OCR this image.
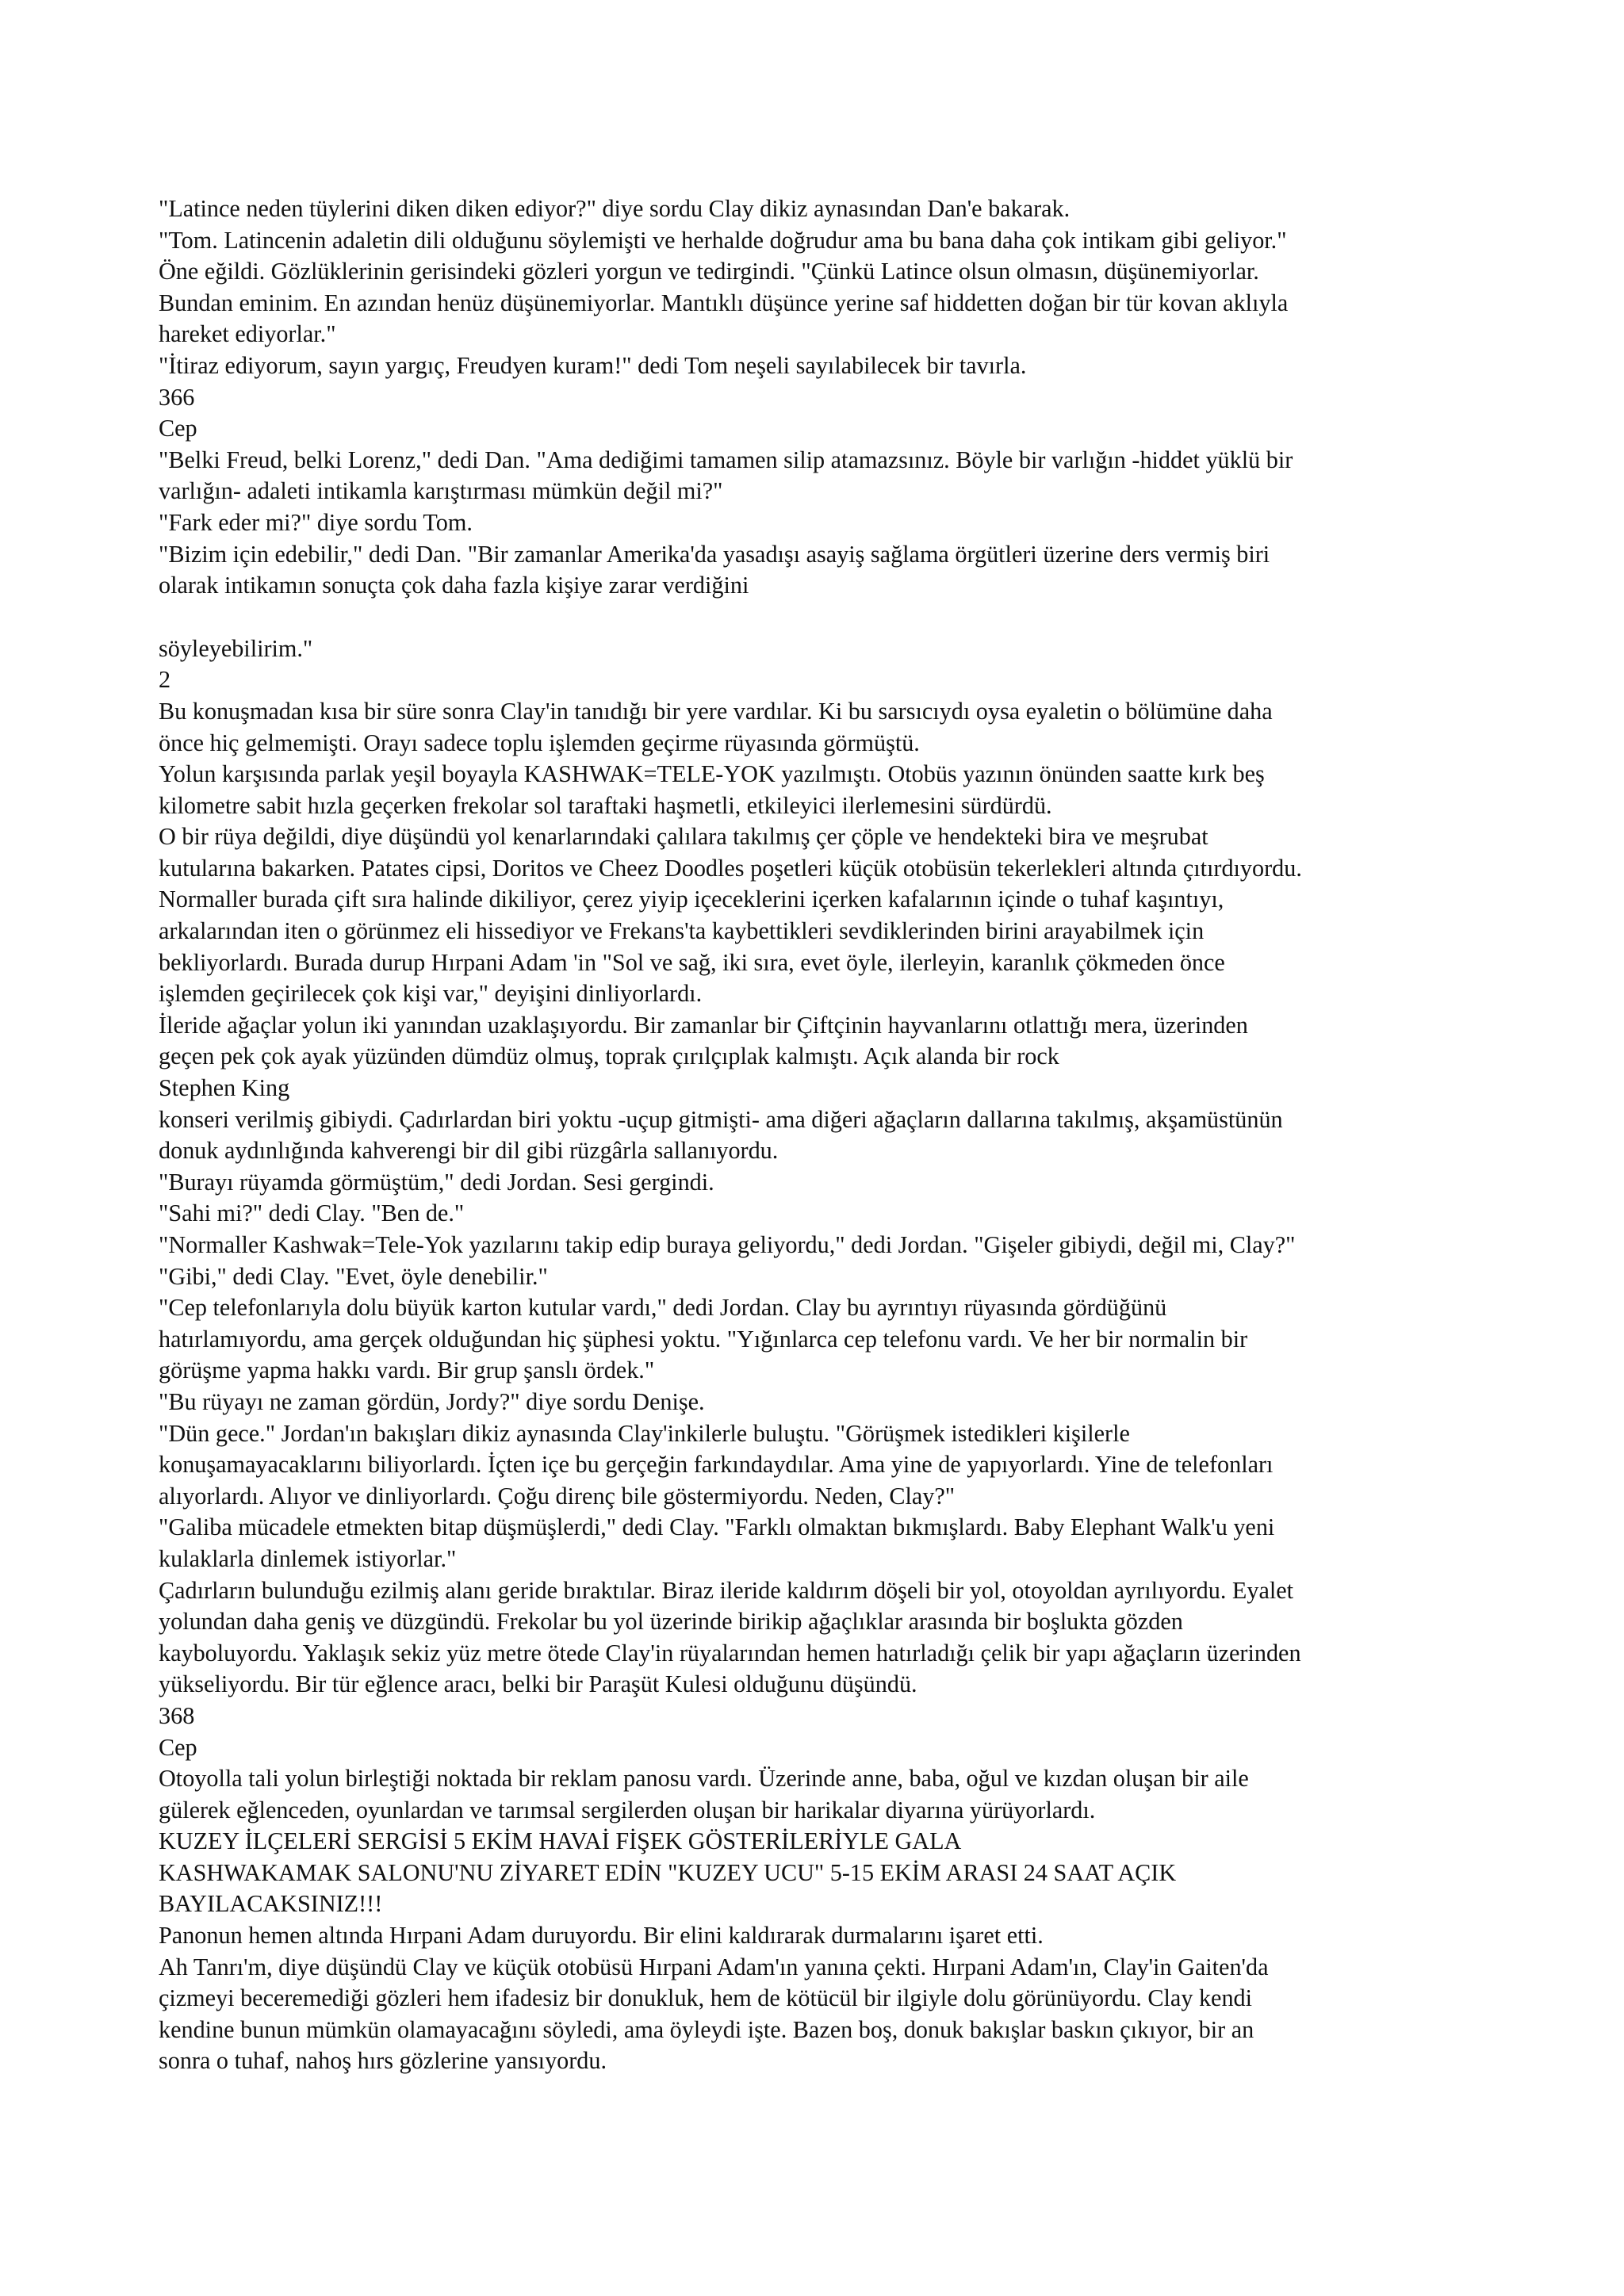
"Latince neden tüylerini diken diken ediyor?" diye sordu Clay dikiz aynasından Dan'e bakarak.
"Tom. Latincenin adaletin dili olduğunu söylemişti ve herhalde doğrudur ama bu bana daha çok intikam gibi geliyor."
Öne eğildi. Gözlüklerinin gerisindeki gözleri yorgun ve tedirgindi. "Çünkü Latince olsun olmasın, düşünemiyorlar.
Bundan eminim. En azından henüz düşünemiyorlar. Mantıklı düşünce yerine saf hiddetten doğan bir tür kovan aklıyla
hareket ediyorlar."
"İtiraz ediyorum, sayın yargıç, Freudyen kuram!" dedi Tom neşeli sayılabilecek bir tavırla.
366
Cep
"Belki Freud, belki Lorenz," dedi Dan. "Ama dediğimi tamamen silip atamazsınız. Böyle bir varlığın -hiddet yüklü bir
varlığın- adaleti intikamla karıştırması mümkün değil mi?"
"Fark eder mi?" diye sordu Tom.
"Bizim için edebilir," dedi Dan. "Bir zamanlar Amerika'da yasadışı asayiş sağlama örgütleri üzerine ders vermiş biri
olarak intikamın sonuçta çok daha fazla kişiye zarar verdiğini
söyleyebilirim."
2
Bu konuşmadan kısa bir süre sonra Clay'in tanıdığı bir yere vardılar. Ki bu sarsıcıydı oysa eyaletin o bölümüne daha
önce hiç gelmemişti. Orayı sadece toplu işlemden geçirme rüyasında görmüştü.
Yolun karşısında parlak yeşil boyayla KASHWAK=TELE-YOK yazılmıştı. Otobüs yazının önünden saatte kırk beş
kilometre sabit hızla geçerken frekolar sol taraftaki haşmetli, etkileyici ilerlemesini sürdürdü.
O bir rüya değildi, diye düşündü yol kenarlarındaki çalılara takılmış çer çöple ve hendekteki bira ve meşrubat
kutularına bakarken. Patates cipsi, Doritos ve Cheez Doodles poşetleri küçük otobüsün tekerlekleri altında çıtırdıyordu.
Normaller burada çift sıra halinde dikiliyor, çerez yiyip içeceklerini içerken kafalarının içinde o tuhaf kaşıntıyı,
arkalarından iten o görünmez eli hissediyor ve Frekans'ta kaybettikleri sevdiklerinden birini arayabilmek için
bekliyorlardı. Burada durup Hırpani Adam 'in "Sol ve sağ, iki sıra, evet öyle, ilerleyin, karanlık çökmeden önce
işlemden geçirilecek çok kişi var," deyişini dinliyorlardı.
İleride ağaçlar yolun iki yanından uzaklaşıyordu. Bir zamanlar bir Çiftçinin hayvanlarını otlattığı mera, üzerinden
geçen pek çok ayak yüzünden dümdüz olmuş, toprak çırılçıplak kalmıştı. Açık alanda bir rock
Stephen King
konseri verilmiş gibiydi. Çadırlardan biri yoktu -uçup gitmişti- ama diğeri ağaçların dallarına takılmış, akşamüstünün
donuk aydınlığında kahverengi bir dil gibi rüzgârla sallanıyordu.
"Burayı rüyamda görmüştüm," dedi Jordan. Sesi gergindi.
"Sahi mi?" dedi Clay. "Ben de."
"Normaller Kashwak=Tele-Yok yazılarını takip edip buraya geliyordu," dedi Jordan. "Gişeler gibiydi, değil mi, Clay?"
"Gibi," dedi Clay. "Evet, öyle denebilir."
"Cep telefonlarıyla dolu büyük karton kutular vardı," dedi Jordan. Clay bu ayrıntıyı rüyasında gördüğünü
hatırlamıyordu, ama gerçek olduğundan hiç şüphesi yoktu. "Yığınlarca cep telefonu vardı. Ve her bir normalin bir
görüşme yapma hakkı vardı. Bir grup şanslı ördek."
"Bu rüyayı ne zaman gördün, Jordy?" diye sordu Denişe.
"Dün gece." Jordan'ın bakışları dikiz aynasında Clay'inkilerle buluştu. "Görüşmek istedikleri kişilerle
konuşamayacaklarını biliyorlardı. İçten içe bu gerçeğin farkındaydılar. Ama yine de yapıyorlardı. Yine de telefonları
alıyorlardı. Alıyor ve dinliyorlardı. Çoğu direnç bile göstermiyordu. Neden, Clay?"
"Galiba mücadele etmekten bitap düşmüşlerdi," dedi Clay. "Farklı olmaktan bıkmışlardı. Baby Elephant Walk'u yeni
kulaklarla dinlemek istiyorlar."
Çadırların bulunduğu ezilmiş alanı geride bıraktılar. Biraz ileride kaldırım döşeli bir yol, otoyoldan ayrılıyordu. Eyalet
yolundan daha geniş ve düzgündü. Frekolar bu yol üzerinde birikip ağaçlıklar arasında bir boşlukta gözden
kayboluyordu. Yaklaşık sekiz yüz metre ötede Clay'in rüyalarından hemen hatırladığı çelik bir yapı ağaçların üzerinden
yükseliyordu. Bir tür eğlence aracı, belki bir Paraşüt Kulesi olduğunu düşündü.
368
Cep
Otoyolla tali yolun birleştiği noktada bir reklam panosu vardı. Üzerinde anne, baba, oğul ve kızdan oluşan bir aile
gülerek eğlenceden, oyunlardan ve tarımsal sergilerden oluşan bir harikalar diyarına yürüyorlardı.
KUZEY İLÇELERİ SERGİSİ 5 EKİM HAVAİ FİŞEK GÖSTERİLERİYLE GALA
KASHWAKAMAK SALONU'NU ZİYARET EDİN "KUZEY UCU" 5-15 EKİM ARASI 24 SAAT AÇIK
BAYILACAKSINIZ!!!
Panonun hemen altında Hırpani Adam duruyordu. Bir elini kaldırarak durmalarını işaret etti.
Ah Tanrı'm, diye düşündü Clay ve küçük otobüsü Hırpani Adam'ın yanına çekti. Hırpani Adam'ın, Clay'in Gaiten'da
çizmeyi beceremediği gözleri hem ifadesiz bir donukluk, hem de kötücül bir ilgiyle dolu görünüyordu. Clay kendi
kendine bunun mümkün olamayacağını söyledi, ama öyleydi işte. Bazen boş, donuk bakışlar baskın çıkıyor, bir an
sonra o tuhaf, nahoş hırs gözlerine yansıyordu.
